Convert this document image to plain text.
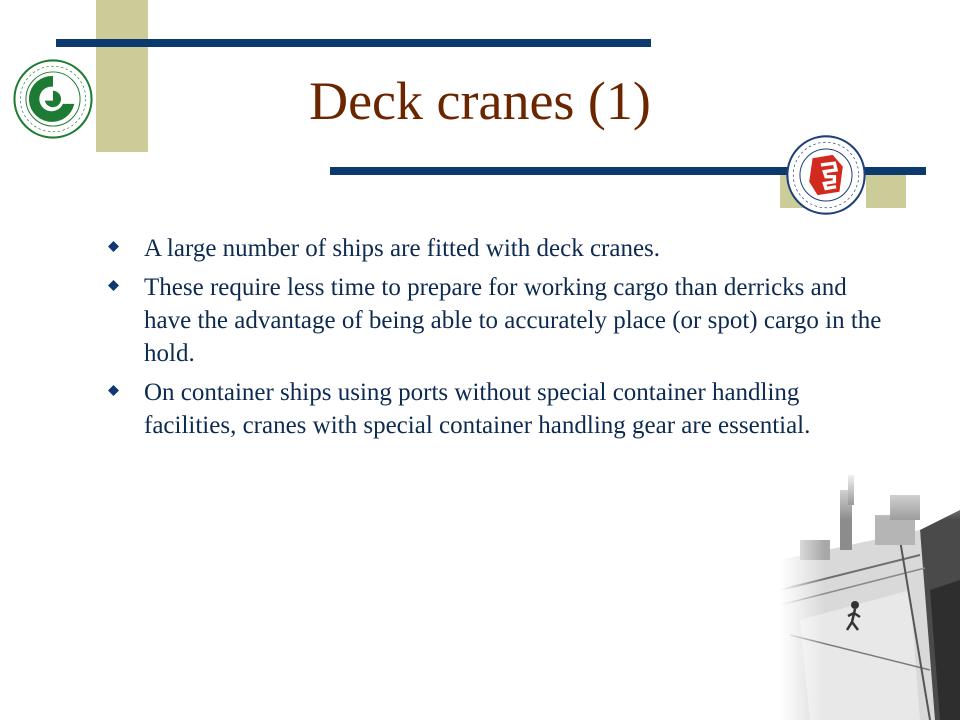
Deck cranes (1)
A large number of ships are fitted with deck cranes.
These require less time to prepare for working cargo than derricks and have the advantage of being able to accurately place (or spot) cargo in the hold.
On container ships using ports without special container handling facilities, cranes with special container handling gear are essential.
